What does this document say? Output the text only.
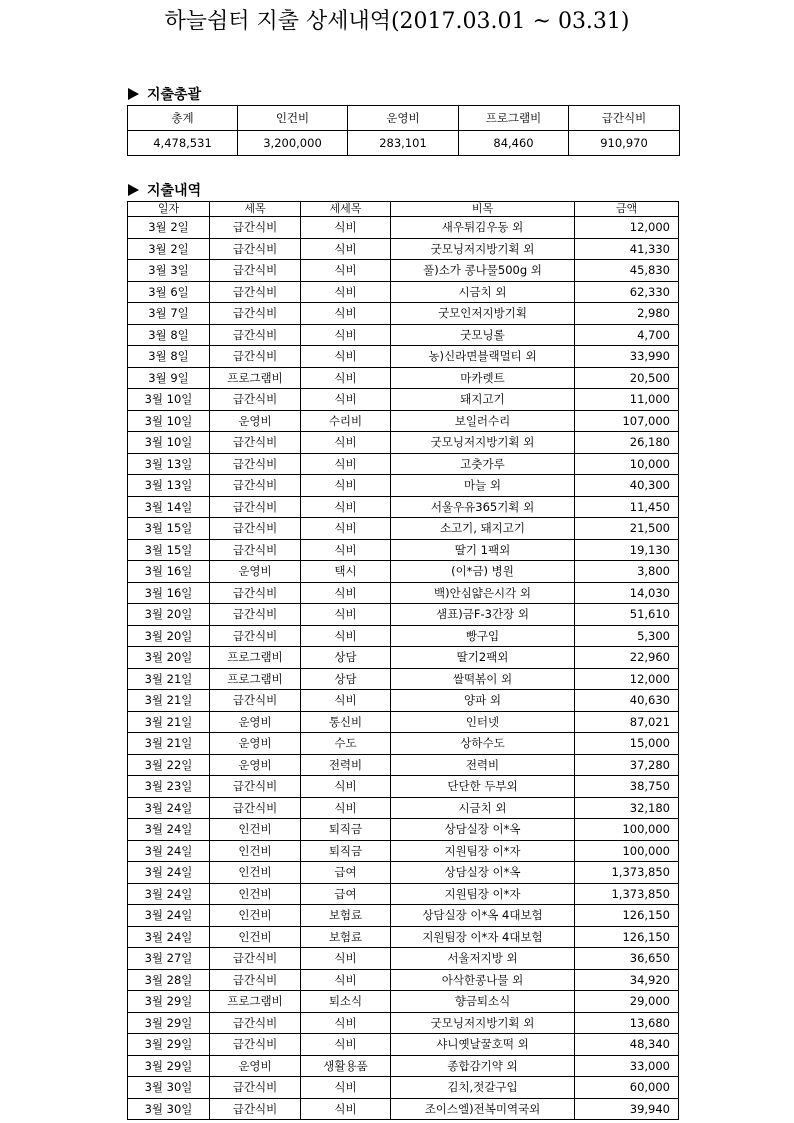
하늘쉼터 지출 상세내역(2017.03.01 ~ 03.31)
지출총괄
총계	인건비	운영비	프로그램비	급간식비
4,478,531	3,200,000	283,101	84,460	910,970
지출내역
일자	세목	세세목	비목	금액
3월 2일	급간식비	식비	새우튀김우동 외	12,000
3월 2일	급간식비	식비	굿모닝저지방기획 외	41,330
3월 3일	급간식비	식비	풀)소가 콩나물500g 외	45,830
3월 6일	급간식비	식비	시금치 외	62,330
3월 7일	급간식비	식비	굿모인저지방기획	2,980
3월 8일	급간식비	식비	굿모닝롤	4,700
3월 8일	급간식비	식비	농)신라면블랙멀티 외	33,990
3월 9일	프로그램비	식비	마카렛트	20,500
3월 10일	급간식비	식비	돼지고기	11,000
3월 10일	운영비	수리비	보일러수리	107,000
3월 10일	급간식비	식비	굿모닝저지방기획 외	26,180
3월 13일	급간식비	식비	고춧가루	10,000
3월 13일	급간식비	식비	마늘 외	40,300
3월 14일	급간식비	식비	서울우유365기획 외	11,450
3월 15일	급간식비	식비	소고기, 돼지고기	21,500
3월 15일	급간식비	식비	딸기 1팩외	19,130
3월 16일	운영비	택시	(이*금) 병원	3,800
3월 16일	급간식비	식비	백)안심얇은시각 외	14,030
3월 20일	급간식비	식비	샘표)금F-3간장 외	51,610
3월 20일	급간식비	식비	빵구입	5,300
3월 20일	프로그램비	상담	딸기2팩외	22,960
3월 21일	프로그램비	상담	쌀떡볶이 외	12,000
3월 21일	급간식비	식비	양파 외	40,630
3월 21일	운영비	통신비	인터넷	87,021
3월 21일	운영비	수도	상하수도	15,000
3월 22일	운영비	전력비	전력비	37,280
3월 23일	급간식비	식비	단단한 두부외	38,750
3월 24일	급간식비	식비	시금치 외	32,180
3월 24일	인건비	퇴직금	상담실장 이*옥	100,000
3월 24일	인건비	퇴직금	지원팀장 이*자	100,000
3월 24일	인건비	급여	상담실장 이*옥	1,373,850
3월 24일	인건비	급여	지원팀장 이*자	1,373,850
3월 24일	인건비	보험료	상담실장 이*옥 4대보험	126,150
3월 24일	인건비	보험료	지원팀장 이*자 4대보험	126,150
3월 27일	급간식비	식비	서울저지방 외	36,650
3월 28일	급간식비	식비	아삭한콩나물 외	34,920
3월 29일	프로그램비	퇴소식	향금퇴소식	29,000
3월 29일	급간식비	식비	굿모닝저지방기획 외	13,680
3월 29일	급간식비	식비	샤니옛날꿀호떡 외	48,340
3월 29일	운영비	생활용품	종합감기약 외	33,000
3월 30일	급간식비	식비	김치,젓갈구입	60,000
3월 30일	급간식비	식비	조이스엘)전복미역국외	39,940
